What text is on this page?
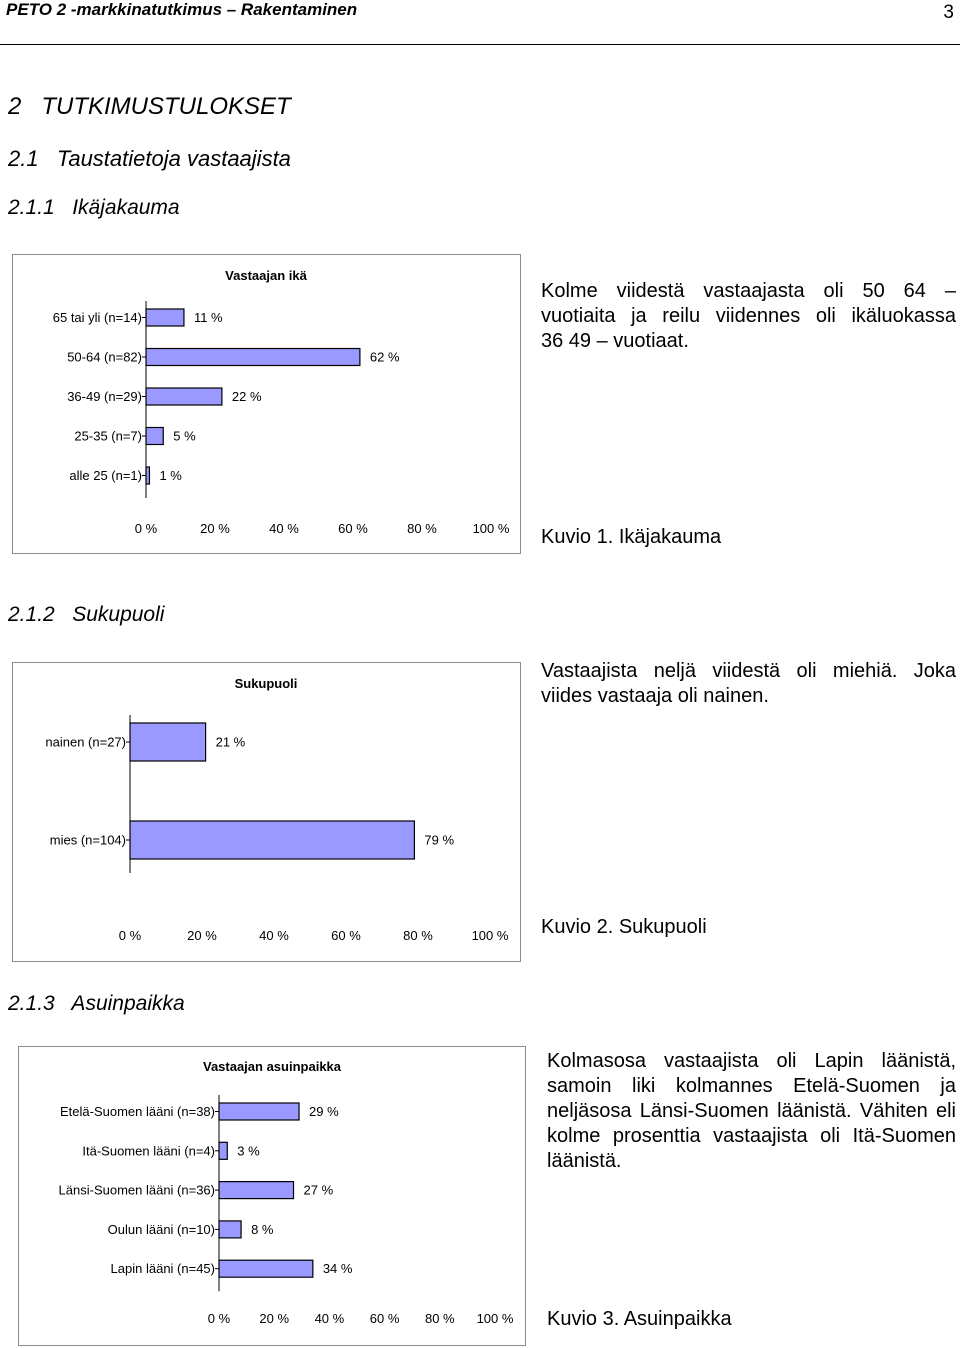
PETO 2 -markkinatutkimus – Rakentaminen	3
2   TUTKIMUSTULOKSET
2.1   Taustatietoja vastaajista
2.1.1   Ikäjakauma
Vastaajan ikä
65 tai yli (n=14)	11 %
50-64 (n=82)	62 %
36-49 (n=29)	22 %
25-35 (n=7) 5 %
alle 25 (n=1) 1 %
0 %	20 %	40 %	60 %	80 %	100 %
Kolme viidestä vastaajasta oli 50 64 –
vuotiaita ja reilu viidennes oli ikäluokassa
36 49 – vuotiaat.
Kuvio 1. Ikäjakauma
2.1.2   Sukupuoli
Sukupuoli
nainen (n=27)	21 %
mies (n=104)	79 %
0 %	20 %	40 %	60 %	80 %	100 %
Vastaajista neljä viidestä oli miehiä. Joka viides vastaaja oli nainen.
Kuvio 2. Sukupuoli
2.1.3   Asuinpaikka
Vastaajan asuinpaikka
Etelä-Suomen lääni (n=38)	29 %
Itä-Suomen lääni (n=4) 3 %
Länsi-Suomen lääni (n=36)	27 %
Oulun lääni (n=10)	8 %
Lapin lääni (n=45)	34 %
0 % 20 % 40 % 60 % 80 % 100 %
Kolmasosa vastaajista oli Lapin läänistä, samoin liki kolmannes Etelä-Suomen ja neljäsosa Länsi-Suomen läänistä. Vähiten eli kolme prosenttia vastaajista oli Itä-Suomen läänistä.
Kuvio 3. Asuinpaikka
